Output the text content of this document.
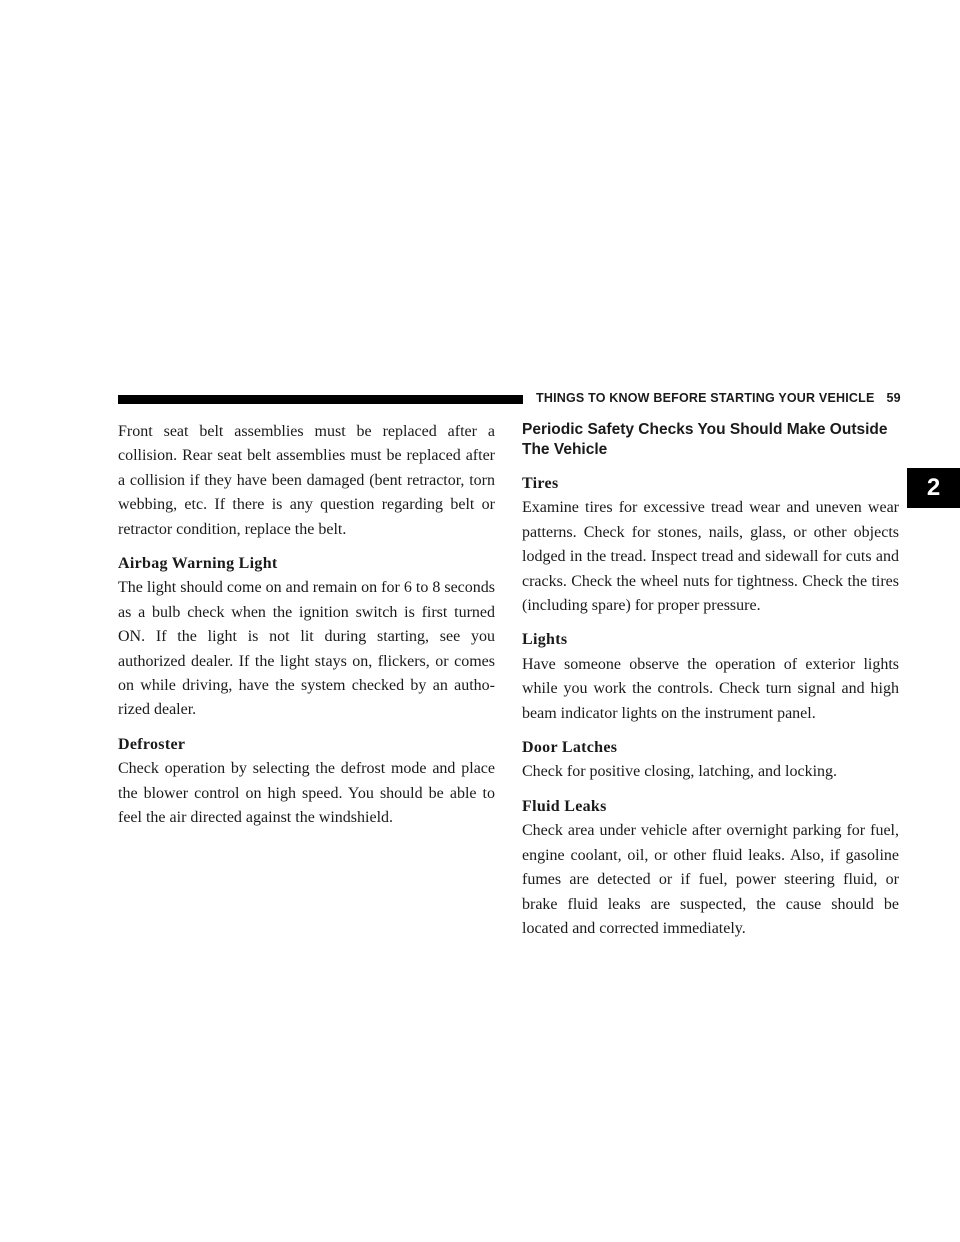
THINGS TO KNOW BEFORE STARTING YOUR VEHICLE 59
2

Front seat belt assemblies must be replaced after a collision. Rear seat belt assemblies must be replaced after a collision if they have been damaged (bent retractor, torn webbing, etc. If there is any question regarding belt or retractor condition, replace the belt.

Airbag Warning Light

The light should come on and remain on for 6 to 8 seconds as a bulb check when the ignition switch is first turned ON. If the light is not lit during starting, see you authorized dealer. If the light stays on, flickers, or comes on while driving, have the system checked by an autho-rized dealer.

Defroster

Check operation by selecting the defrost mode and place the blower control on high speed. You should be able to feel the air directed against the windshield.

Periodic Safety Checks You Should Make Outside The Vehicle
Tires

Examine tires for excessive tread wear and uneven wear patterns. Check for stones, nails, glass, or other objects lodged in the tread. Inspect tread and sidewall for cuts and cracks. Check the wheel nuts for tightness. Check the tires (including spare) for proper pressure.

Lights

Have someone observe the operation of exterior lights while you work the controls. Check turn signal and high beam indicator lights on the instrument panel.

Door Latches

Check for positive closing, latching, and locking.

Fluid Leaks

Check area under vehicle after overnight parking for fuel, engine coolant, oil, or other fluid leaks. Also, if gasoline fumes are detected or if fuel, power steering fluid, or brake fluid leaks are suspected, the cause should be located and corrected immediately.
